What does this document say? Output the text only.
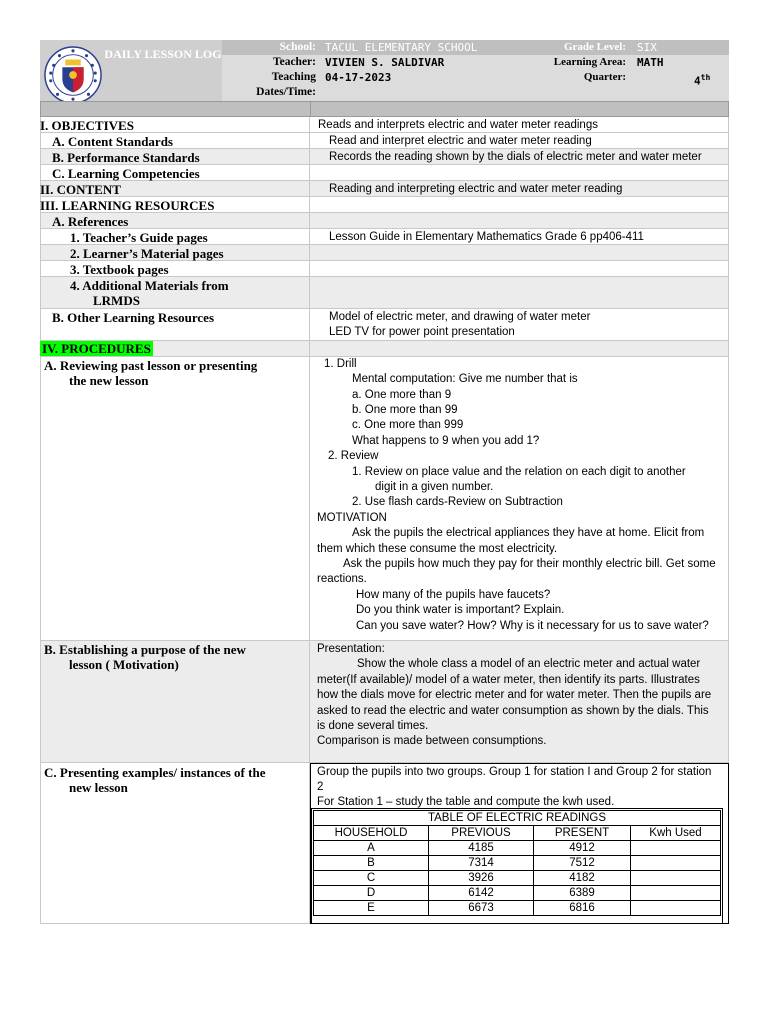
DAILY LESSON LOG	School: TACUL ELEMENTARY SCHOOL	Grade Level:	SIX
Teacher: VIVIEN S. SALDIVAR	Learning Area:	MATH
Teaching
Dates/Time:
04-17-2023	Quarter:	4th
I. OBJECTIVES	Reads and interprets electric and water meter readings
A. Content Standards	Read and interpret electric and water meter reading
B. Performance Standards	Records the reading shown by the dials of electric meter and water meter
C. Learning Competencies
II. CONTENT	Reading and interpreting electric and water meter reading
III. LEARNING RESOURCES
A. References
1. Teacher’s Guide pages	Lesson Guide in Elementary Mathematics Grade 6 pp406-411
2. Learner’s Material pages
3. Textbook pages
4. Additional Materials from
LRMDS
B. Other Learning Resources	Model of electric meter, and drawing of water meter
LED TV for power point presentation
IV. PROCEDURES
A. Reviewing past lesson or presenting
the new lesson
1. Drill
Mental computation: Give me number that is
a. One more than 9
b. One more than 99
c. One more than 999
What happens to 9 when you add 1?
2. Review
1. Review on place value and the relation on each digit to another
digit in a given number.
2. Use flash cards-Review on Subtraction
MOTIVATION
Ask the pupils the electrical appliances they have at home. Elicit from
them which these consume the most electricity.
Ask the pupils how much they pay for their monthly electric bill. Get some
reactions.
How many of the pupils have faucets?
Do you think water is important? Explain.
Can you save water? How? Why is it necessary for us to save water?
B. Establishing a purpose of the new
lesson ( Motivation)
Presentation:
Show the whole class a model of an electric meter and actual water
meter(If available)/ model of a water meter, then identify its parts. Illustrates
how the dials move for electric meter and for water meter. Then the pupils are
asked to read the electric and water consumption as shown by the dials. This
is done several times.
Comparison is made between consumptions.
C. Presenting examples/ instances of the
new lesson
Group the pupils into two groups. Group 1 for station I and Group 2 for station
2
For Station 1 – study the table and compute the kwh used.
TABLE OF ELECTRIC READINGS			
HOUSEHOLD	PREVIOUS	PRESENT	Kwh Used
A	4185	4912	
B	7314	7512	
C	3926	4182	
D	6142	6389	
E	6673	6816	
